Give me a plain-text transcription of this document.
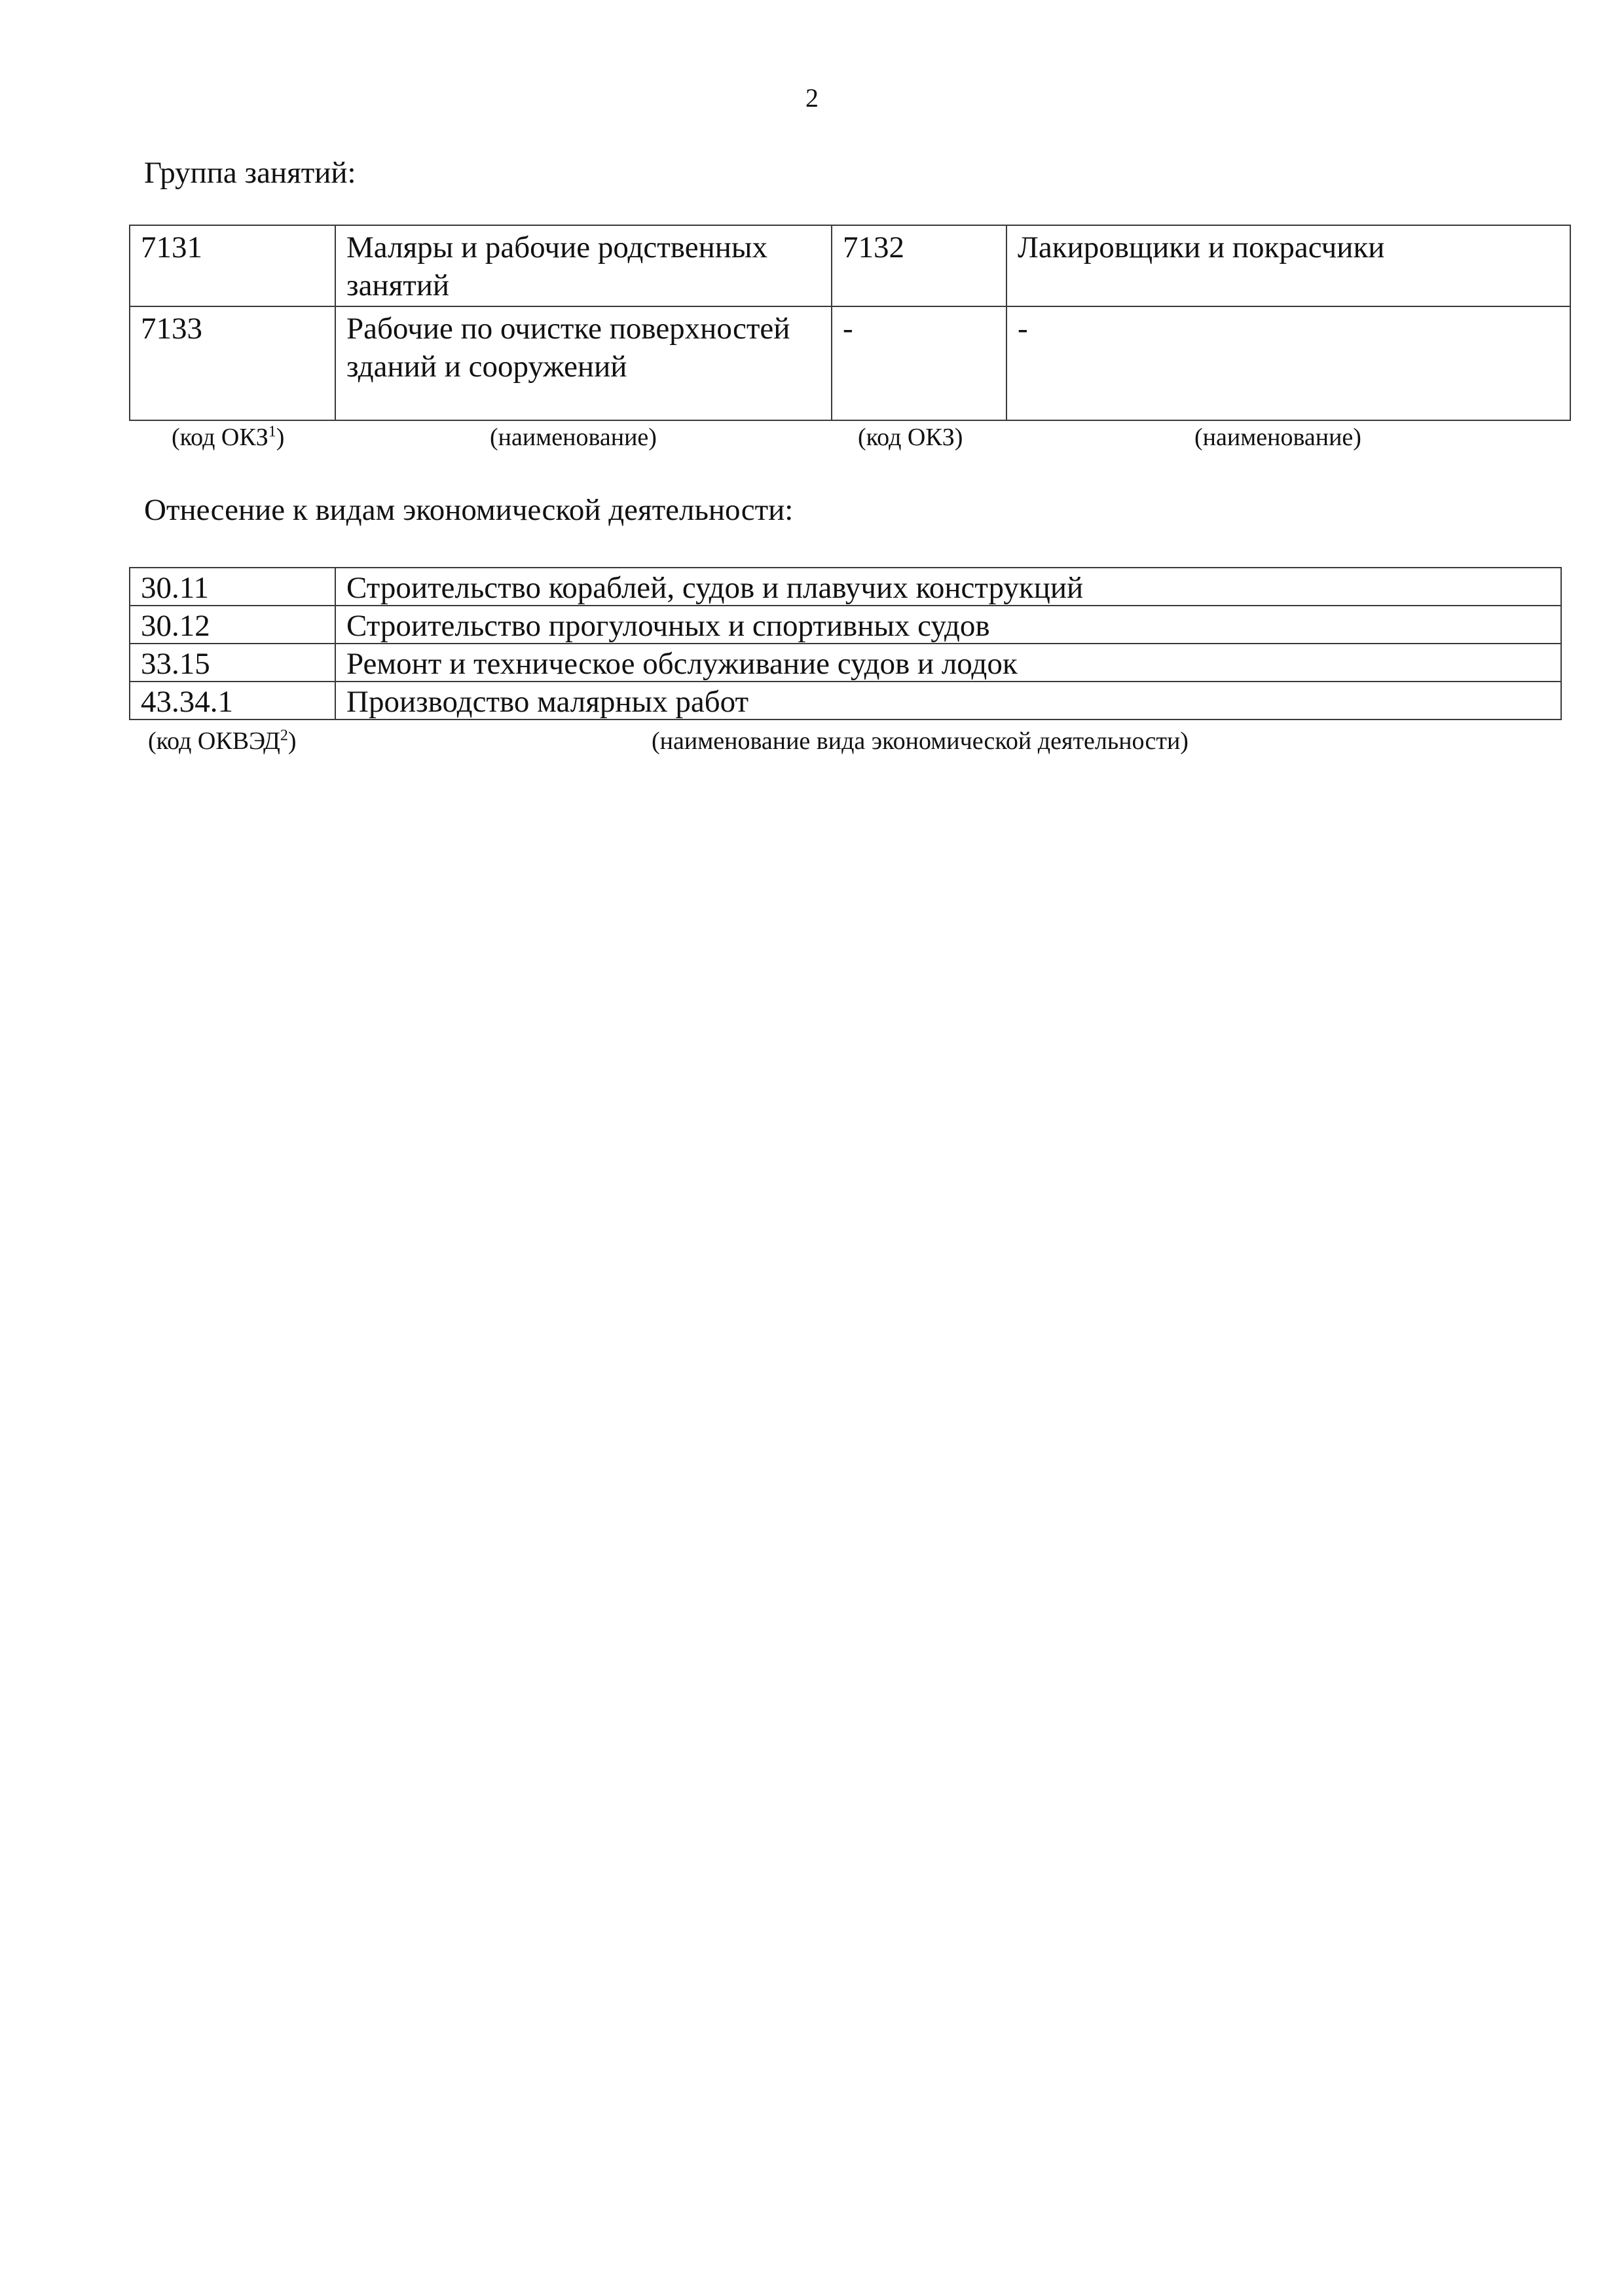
2
Группа занятий:
7131	Маляры и рабочие родственных занятий	7132	Лакировщики и покрасчики
7133	Рабочие по очистке поверхностей зданий и сооружений	-	-
(код ОКЗ$^1$)	(наименование)	(код ОКЗ)	(наименование)
Отнесение к видам экономической деятельности:
30.11	Строительство кораблей, судов и плавучих конструкций
30.12	Строительство прогулочных и спортивных судов
33.15	Ремонт и техническое обслуживание судов и лодок
43.34.1	Производство малярных работ
(код ОКВЭД$^2$)	(наименование вида экономической деятельности)
